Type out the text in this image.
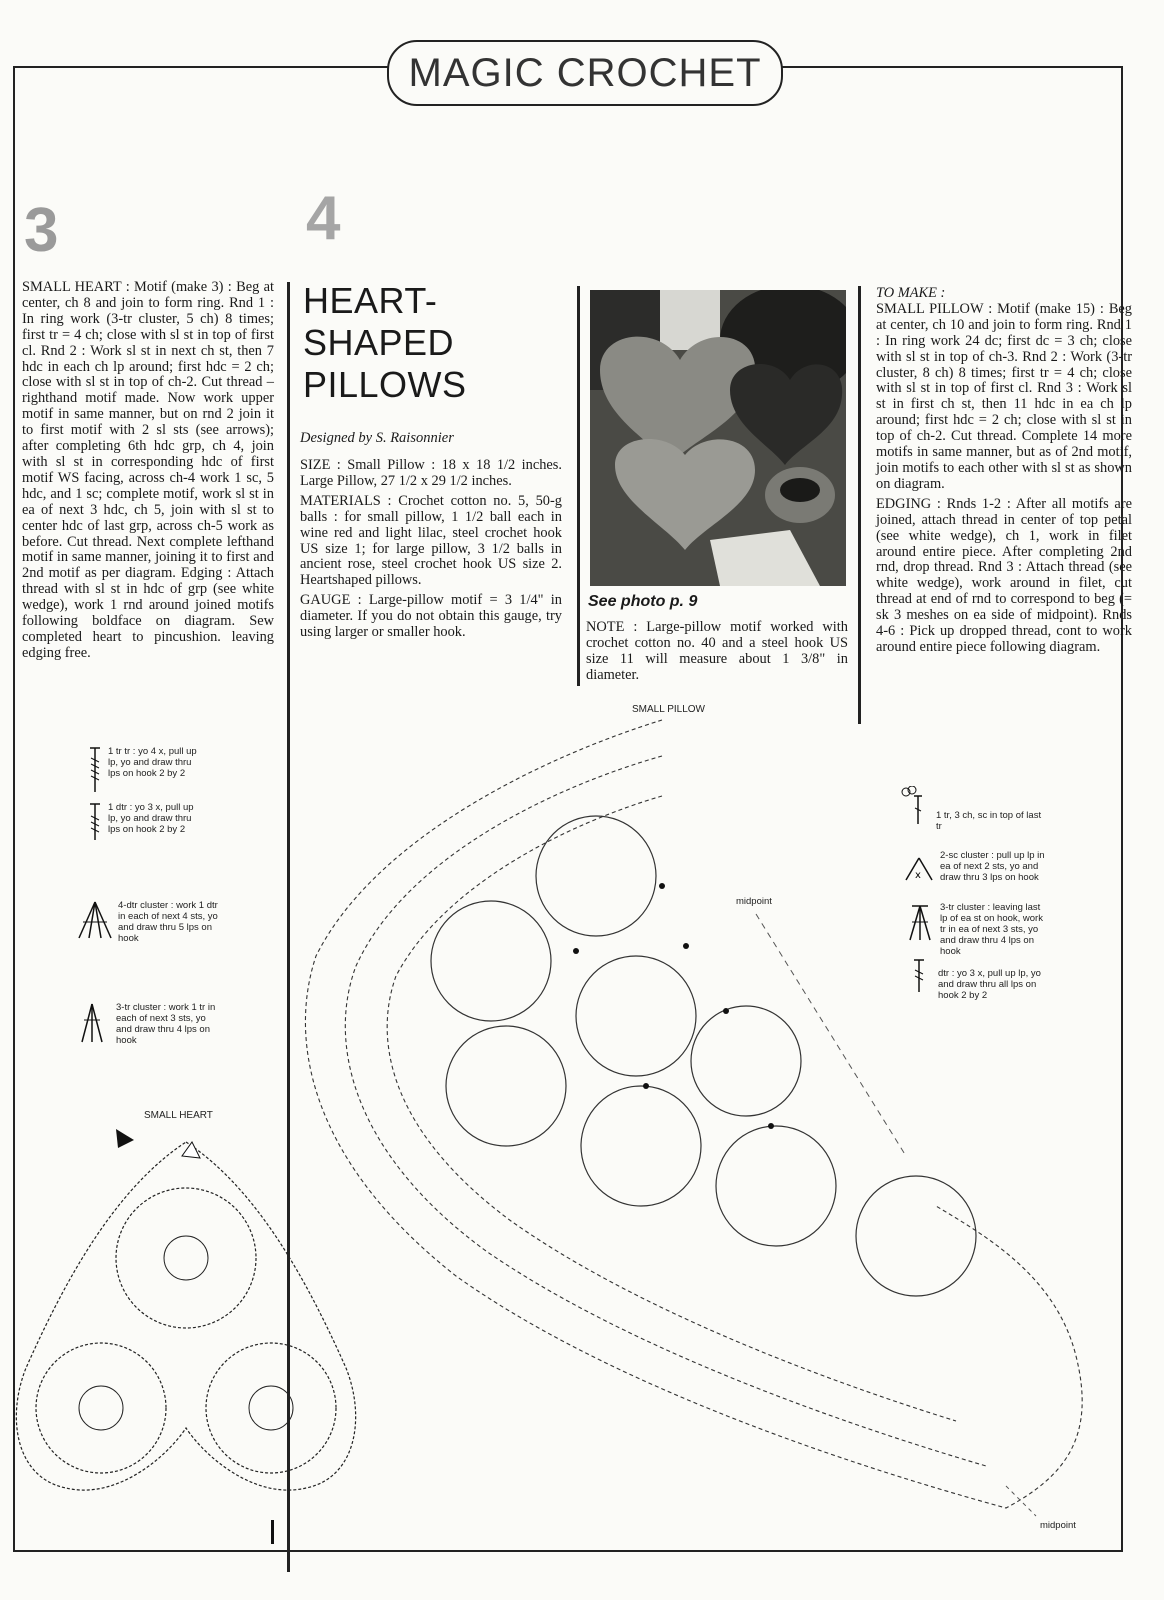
MAGIC CROCHET
3	4

SMALL HEART : Motif (make 3) : Beg at center, ch 8 and join to form ring. Rnd 1 : In ring work (3-tr cluster, 5 ch) 8 times; first tr = 4 ch; close with sl st in top of first cl. Rnd 2 : Work sl st in next ch st, then 7 hdc in each ch lp around; first hdc = 2 ch; close with sl st in top of ch-2. Cut thread – righthand motif made. Now work upper motif in same manner, but on rnd 2 join it to first motif with 2 sl sts (see arrows); after completing 6th hdc grp, ch 4, join with sl st in corresponding hdc of first motif WS facing, across ch-4 work 1 sc, 5 hdc, and 1 sc; complete motif, work sl st in ea of next 3 hdc, ch 5, join with sl st to center hdc of last grp, across ch-5 work as before. Cut thread. Next complete lefthand motif in same manner, joining it to first and 2nd motif as per diagram. Edging : Attach thread with sl st in hdc of grp (see white wedge), work 1 rnd around joined motifs following boldface on diagram. Sew completed heart to pincushion. leaving edging free.

HEART-
SHAPED
PILLOWS
Designed by S. Raisonnier

SIZE : Small Pillow : 18 x 18 1/2 inches. Large Pillow, 27 1/2 x 29 1/2 inches.

MATERIALS : Crochet cotton no. 5, 50-g balls : for small pillow, 1 1/2 ball each in wine red and light lilac, steel crochet hook US size 1; for large pillow, 3 1/2 balls in ancient rose, steel crochet hook US size 2. Heartshaped pillows.

GAUGE : Large-pillow motif = 3 1/4" in diameter. If you do not obtain this gauge, try using larger or smaller hook.

See photo p. 9

NOTE : Large-pillow motif worked with crochet cotton no. 40 and a steel hook US size 11 will measure about 1 3/8" in diameter.

TO MAKE :

SMALL PILLOW : Motif (make 15) : Beg at center, ch 10 and join to form ring. Rnd 1 : In ring work 24 dc; first dc = 3 ch; close with sl st in top of ch-3. Rnd 2 : Work (3-tr cluster, 8 ch) 8 times; first tr = 4 ch; close with sl st in top of first cl. Rnd 3 : Work sl st in first ch st, then 11 hdc in ea ch lp around; first hdc = 2 ch; close with sl st in top of ch-2. Cut thread. Complete 14 more motifs in same manner, but as of 2nd motif, join motifs to each other with sl st as shown on diagram.

EDGING : Rnds 1-2 : After all motifs are joined, attach thread in center of top petal (see white wedge), ch 1, work in filet around entire piece. After completing 2nd rnd, drop thread. Rnd 3 : Attach thread (see white wedge), work around in filet, cut thread at end of rnd to correspond to beg (= sk 3 meshes on ea side of midpoint). Rnds 4-6 : Pick up dropped thread, cont to work around entire piece following diagram.

1 tr tr : yo 4 x, pull up lp, yo and draw thru lps on hook 2 by 2
1 dtr : yo 3 x, pull up lp, yo and draw thru lps on hook 2 by 2
4-dtr cluster : work 1 dtr in each of next 4 sts, yo and draw thru 5 lps on hook
3-tr cluster : work 1 tr in each of next 3 sts, yo and draw thru 4 lps on hook
SMALL HEART
SMALL PILLOW
midpoint
midpoint
1 tr, 3 ch, sc in top of last tr
x
2-sc cluster : pull up lp in ea of next 2 sts, yo and draw thru 3 lps on hook
3-tr cluster : leaving last lp of ea st on hook, work tr in ea of next 3 sts, yo and draw thru 4 lps on hook
dtr : yo 3 x, pull up lp, yo and draw thru all lps on hook 2 by 2
